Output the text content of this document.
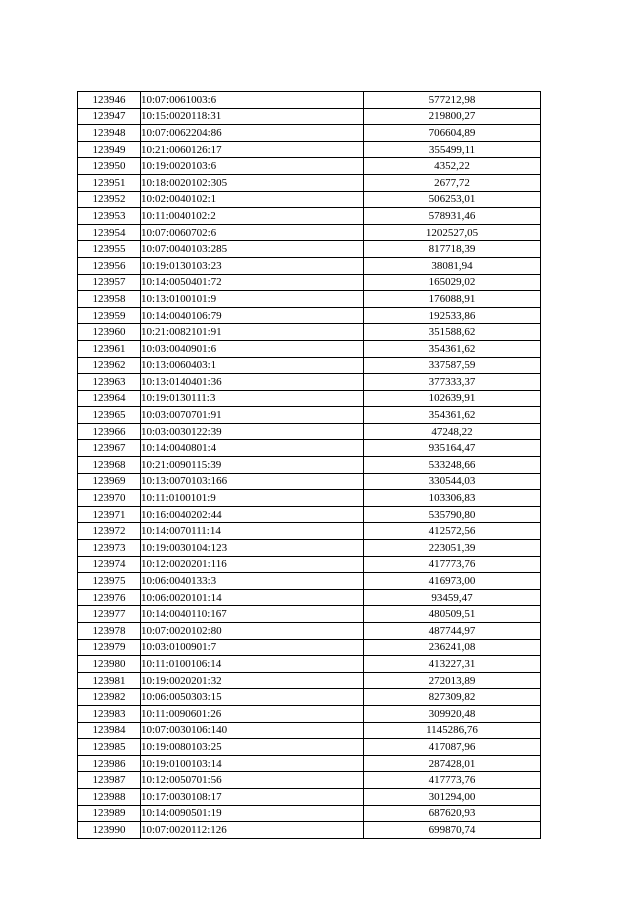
123946	10:07:0061003:6	577212,98
123947	10:15:0020118:31	219800,27
123948	10:07:0062204:86	706604,89
123949	10:21:0060126:17	355499,11
123950	10:19:0020103:6	4352,22
123951	10:18:0020102:305	2677,72
123952	10:02:0040102:1	506253,01
123953	10:11:0040102:2	578931,46
123954	10:07:0060702:6	1202527,05
123955	10:07:0040103:285	817718,39
123956	10:19:0130103:23	38081,94
123957	10:14:0050401:72	165029,02
123958	10:13:0100101:9	176088,91
123959	10:14:0040106:79	192533,86
123960	10:21:0082101:91	351588,62
123961	10:03:0040901:6	354361,62
123962	10:13:0060403:1	337587,59
123963	10:13:0140401:36	377333,37
123964	10:19:0130111:3	102639,91
123965	10:03:0070701:91	354361,62
123966	10:03:0030122:39	47248,22
123967	10:14:0040801:4	935164,47
123968	10:21:0090115:39	533248,66
123969	10:13:0070103:166	330544,03
123970	10:11:0100101:9	103306,83
123971	10:16:0040202:44	535790,80
123972	10:14:0070111:14	412572,56
123973	10:19:0030104:123	223051,39
123974	10:12:0020201:116	417773,76
123975	10:06:0040133:3	416973,00
123976	10:06:0020101:14	93459,47
123977	10:14:0040110:167	480509,51
123978	10:07:0020102:80	487744,97
123979	10:03:0100901:7	236241,08
123980	10:11:0100106:14	413227,31
123981	10:19:0020201:32	272013,89
123982	10:06:0050303:15	827309,82
123983	10:11:0090601:26	309920,48
123984	10:07:0030106:140	1145286,76
123985	10:19:0080103:25	417087,96
123986	10:19:0100103:14	287428,01
123987	10:12:0050701:56	417773,76
123988	10:17:0030108:17	301294,00
123989	10:14:0090501:19	687620,93
123990	10:07:0020112:126	699870,74
